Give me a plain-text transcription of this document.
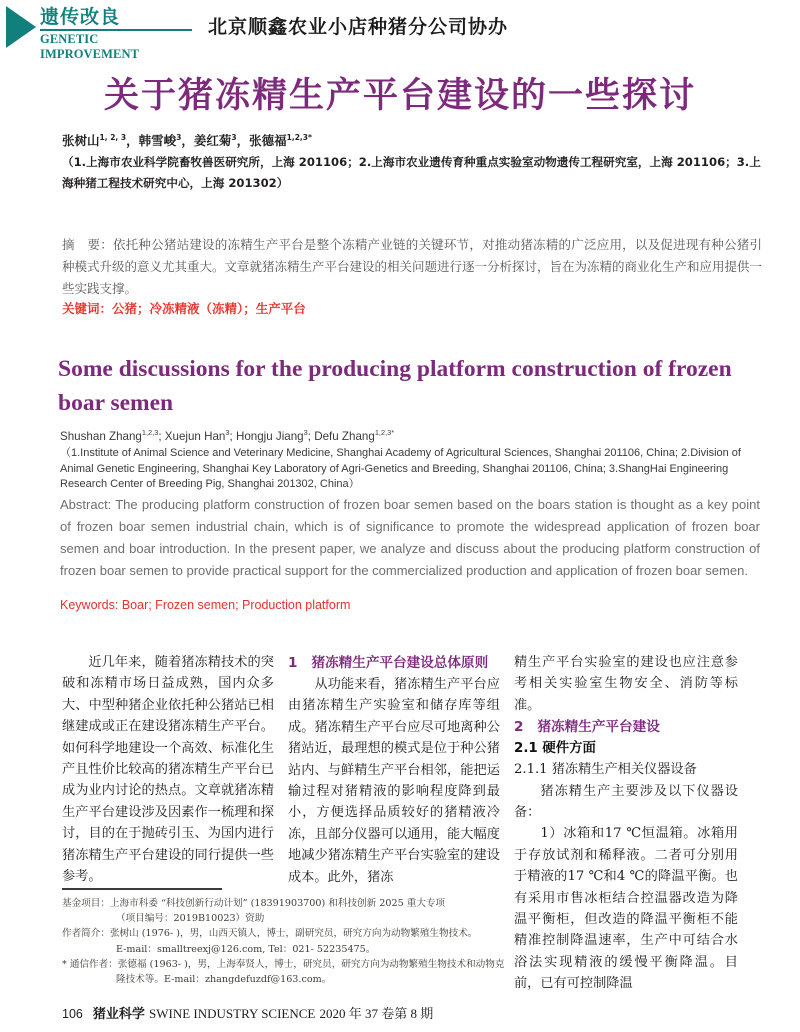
遗传改良
GENETIC IMPROVEMENT
北京顺鑫农业小店种猪分公司协办
关于猪冻精生产平台建设的一些探讨
张树山$^{1, 2, 3}$，韩雪峻$^3$，姜红菊$^3$，张德福$^{1,2,3*}$
（1.上海市农业科学院畜牧兽医研究所，上海 201106；2.上海市农业遗传育种重点实验室动物遗传工程研究室，上海 201106；3.上海种猪工程技术研究中心，上海 201302）
摘　要：依托种公猪站建设的冻精生产平台是整个冻精产业链的关键环节，对推动猪冻精的广泛应用，以及促进现有种公猪引种模式升级的意义尤其重大。文章就猪冻精生产平台建设的相关问题进行逐一分析探讨，旨在为冻精的商业化生产和应用提供一些实践支撑。
关键词：公猪；冷冻精液（冻精）；生产平台
Some discussions for the producing platform construction of frozen boar semen
Shushan Zhang$^{1,2,3}$; Xuejun Han$^3$; Hongju Jiang$^3$; Defu Zhang$^{1,2,3*}$
（1.Institute of Animal Science and Veterinary Medicine, Shanghai Academy of Agricultural Sciences, Shanghai 201106, China; 2.Division of Animal Genetic Engineering, Shanghai Key Laboratory of Agri-Genetics and Breeding, Shanghai 201106, China; 3.ShangHai Engineering Research Center of Breeding Pig, Shanghai 201302, China）
Abstract: The producing platform construction of frozen boar semen based on the boars station is thought as a key point of frozen boar semen industrial chain, which is of significance to promote the widespread application of frozen boar semen and boar introduction. In the present paper, we analyze and discuss about the producing platform construction of frozen boar semen to provide practical support for the commercialized production and application of frozen boar semen.
Keywords: Boar; Frozen semen; Production platform

近几年来，随着猪冻精技术的突破和冻精市场日益成熟，国内众多大、中型种猪企业依托种公猪站已相继建成或正在建设猪冻精生产平台。如何科学地建设一个高效、标准化生产且性价比较高的猪冻精生产平台已成为业内讨论的热点。文章就猪冻精生产平台建设涉及因素作一梳理和探讨，目的在于抛砖引玉、为国内进行猪冻精生产平台建设的同行提供一些参考。

1 猪冻精生产平台建设总体原则

从功能来看，猪冻精生产平台应由猪冻精生产实验室和储存库等组成。猪冻精生产平台应尽可地离种公猪站近，最理想的模式是位于种公猪站内、与鲜精生产平台相邻，能把运输过程对猪精液的影响程度降到最小，方便选择品质较好的猪精液冷冻，且部分仪器可以通用，能大幅度地减少猪冻精生产平台实验室的建设成本。此外，猪冻

精生产平台实验室的建设也应注意参考相关实验室生物安全、消防等标准。

2 猪冻精生产平台建设

2.1 硬件方面

2.1.1 猪冻精生产相关仪器设备

猪冻精生产主要涉及以下仪器设备：

1）冰箱和17 ℃恒温箱。冰箱用于存放试剂和稀释液。二者可分别用于精液的17 ℃和4 ℃的降温平衡。也有采用市售冰柜结合控温器改造为降温平衡柜，但改造的降温平衡柜不能精准控制降温速率，生产中可结合水浴法实现精液的缓慢平衡降温。目前，已有可控制降温

基金项目：上海市科委 “科技创新行动计划” (18391903700) 和科技创新 2025 重大专项
（项目编号：2019B10023）资助
作者简介：张树山 (1976- )，男，山西天镇人，博士，副研究员，研究方向为动物繁殖生物技术。
E-mail：smalltreexj@126.com, Tel：021- 52235475。
* 通信作者：张德福 (1963- )，男，上海奉贤人，博士，研究员，研究方向为动物繁殖生物技术和动物克
隆技术等。E-mail：zhangdefuzdf@163.com。
106 猪业科学 SWINE INDUSTRY SCIENCE 2020 年 37 卷第 8 期
